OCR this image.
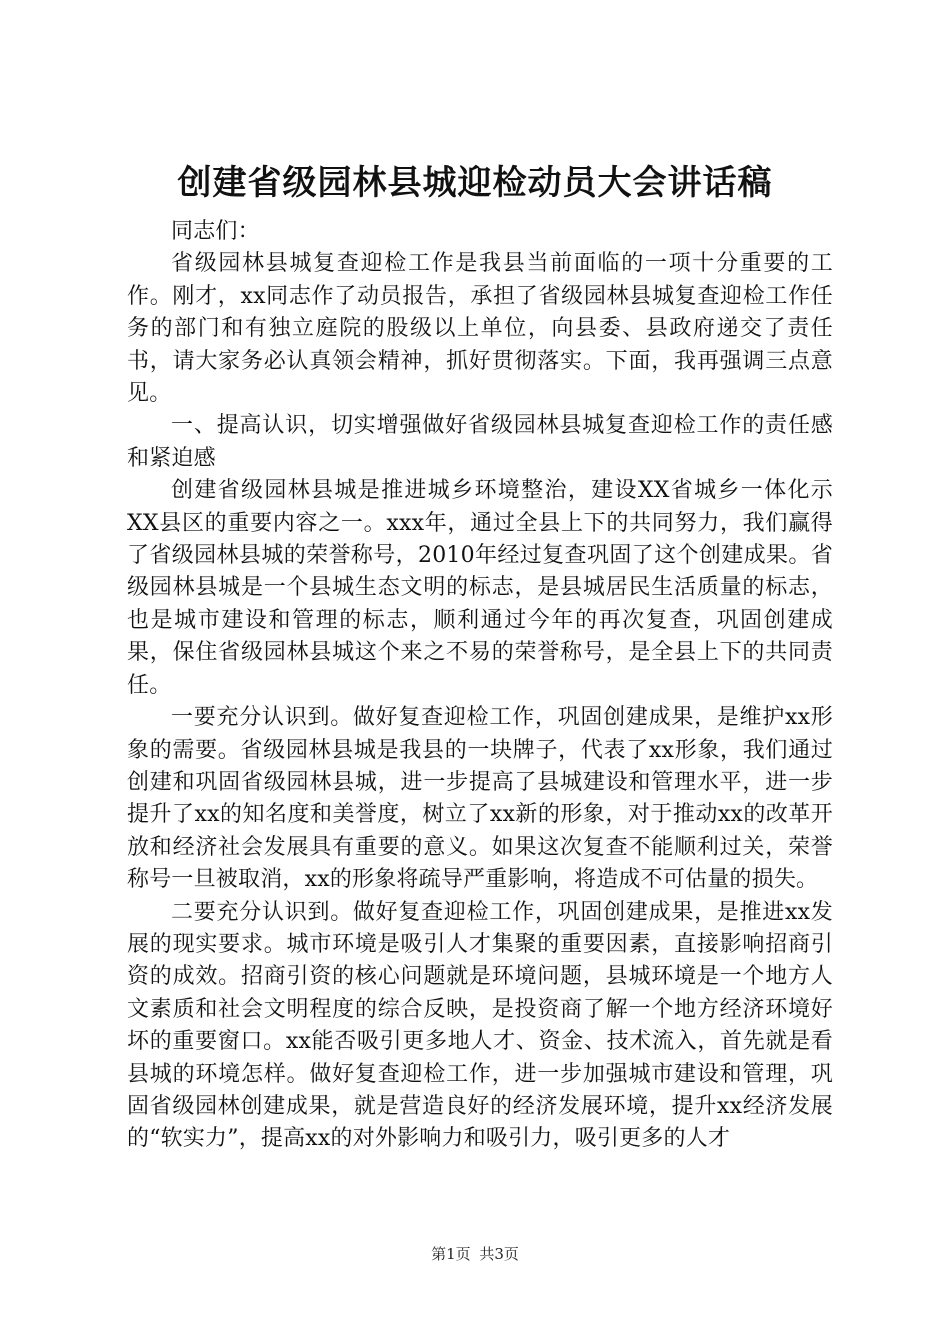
创建省级园林县城迎检动员大会讲话稿

同志们：

省级园林县城复查迎检工作是我县当前面临的一项十分重要的工作。刚才，xx同志作了动员报告，承担了省级园林县城复查迎检工作任务的部门和有独立庭院的股级以上单位，向县委、县政府递交了责任书，请大家务必认真领会精神，抓好贯彻落实。下面，我再强调三点意见。

一、提高认识，切实增强做好省级园林县城复查迎检工作的责任感和紧迫感

创建省级园林县城是推进城乡环境整治，建设XX省城乡一体化示XX县区的重要内容之一。xxx年，通过全县上下的共同努力，我们赢得了省级园林县城的荣誉称号，2010年经过复查巩固了这个创建成果。省级园林县城是一个县城生态文明的标志，是县城居民生活质量的标志，也是城市建设和管理的标志，顺利通过今年的再次复查，巩固创建成果，保住省级园林县城这个来之不易的荣誉称号，是全县上下的共同责任。

一要充分认识到。做好复查迎检工作，巩固创建成果，是维护xx形象的需要。省级园林县城是我县的一块牌子，代表了xx形象，我们通过创建和巩固省级园林县城，进一步提高了县城建设和管理水平，进一步提升了xx的知名度和美誉度，树立了xx新的形象，对于推动xx的改革开放和经济社会发展具有重要的意义。如果这次复查不能顺利过关，荣誉称号一旦被取消，xx的形象将疏导严重影响，将造成不可估量的损失。

二要充分认识到。做好复查迎检工作，巩固创建成果，是推进xx发展的现实要求。城市环境是吸引人才集聚的重要因素，直接影响招商引资的成效。招商引资的核心问题就是环境问题，县城环境是一个地方人文素质和社会文明程度的综合反映，是投资商了解一个地方经济环境好坏的重要窗口。xx能否吸引更多地人才、资金、技术流入，首先就是看县城的环境怎样。做好复查迎检工作，进一步加强城市建设和管理，巩固省级园林创建成果，就是营造良好的经济发展环境，提升xx经济发展的“软实力”，提高xx的对外影响力和吸引力，吸引更多的人才

第1页 共3页
